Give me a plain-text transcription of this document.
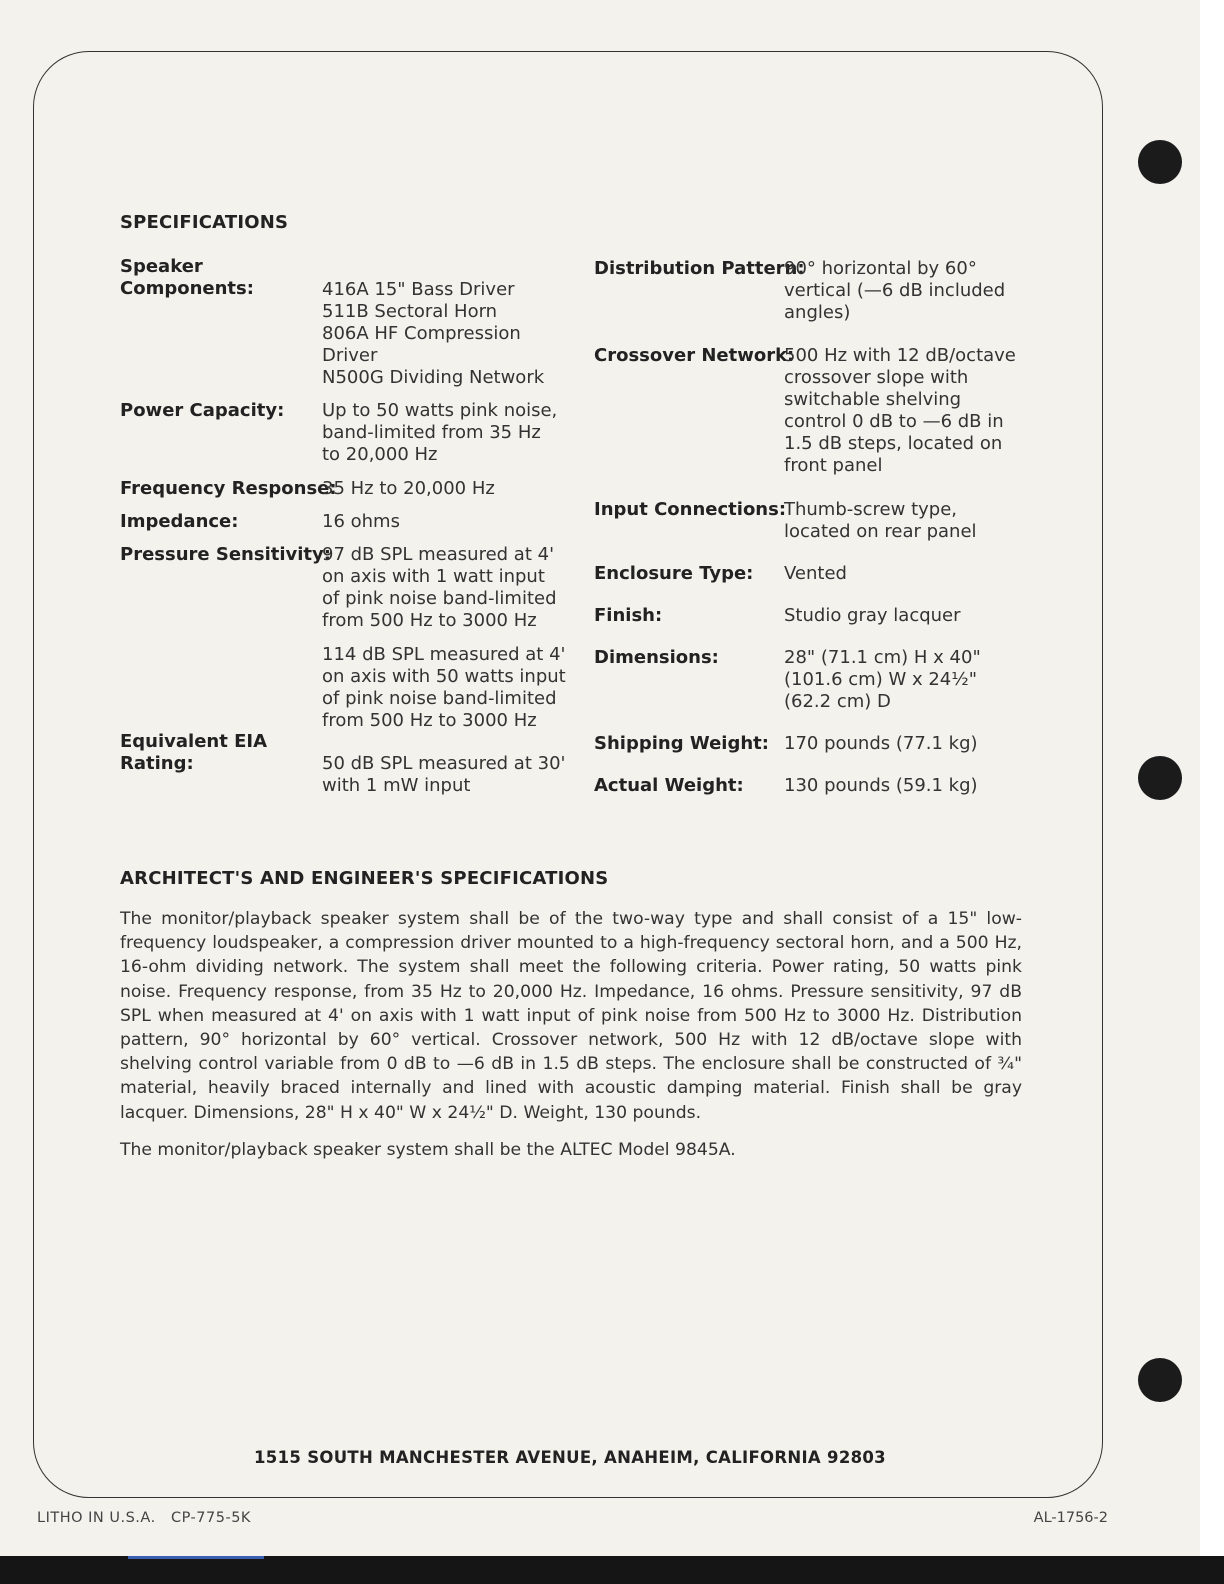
SPECIFICATIONS
Speaker
Components:	416A 15" Bass Driver
511B Sectoral Horn
806A HF Compression
Driver
N500G Dividing Network
Power Capacity: Up to 50 watts pink noise,
band-limited from 35 Hz
to 20,000 Hz
Frequency Response:
35 Hz to 20,000 Hz
Impedance:	16 ohms
Pressure Sensitivity:
97 dB SPL measured at 4'
on axis with 1 watt input
of pink noise band-limited
from 500 Hz to 3000 Hz
114 dB SPL measured at 4'
on axis with 50 watts input
of pink noise band-limited
from 500 Hz to 3000 Hz
Equivalent EIA
Rating:	50 dB SPL measured at 30'
with 1 mW input
Distribution Pattern:
90° horizontal by 60°
vertical (—6 dB included
angles)
Crossover Network:
500 Hz with 12 dB/octave
crossover slope with
switchable shelving
control 0 dB to —6 dB in
1.5 dB steps, located on
front panel
Input Connections:
Thumb-screw type,
located on rear panel
Enclosure Type: Vented
Finish:	Studio gray lacquer
Dimensions:	28" (71.1 cm) H x 40"
(101.6 cm) W x 24½"
(62.2 cm) D
Shipping Weight: 170 pounds (77.1 kg)
Actual Weight: 130 pounds (59.1 kg)
ARCHITECT'S AND ENGINEER'S SPECIFICATIONS

The monitor/playback speaker system shall be of the two-way type and shall consist of a 15" low-frequency loudspeaker, a compression driver mounted to a high-frequency sectoral horn, and a 500 Hz, 16-ohm dividing network. The system shall meet the following criteria. Power rating, 50 watts pink noise. Frequency response, from 35 Hz to 20,000 Hz. Impedance, 16 ohms. Pressure sensitivity, 97 dB SPL when measured at 4' on axis with 1 watt input of pink noise from 500 Hz to 3000 Hz. Distribution pattern, 90° horizontal by 60° vertical. Crossover network, 500 Hz with 12 dB/octave slope with shelving control variable from 0 dB to —6 dB in 1.5 dB steps. The enclosure shall be constructed of ¾" material, heavily braced internally and lined with acoustic damping material. Finish shall be gray lacquer. Dimensions, 28" H x 40" W x 24½" D. Weight, 130 pounds.

The monitor/playback speaker system shall be the ALTEC Model 9845A.

1515 SOUTH MANCHESTER AVENUE, ANAHEIM, CALIFORNIA 92803
LITHO IN U.S.A.   CP-775-5K	AL-1756-2
